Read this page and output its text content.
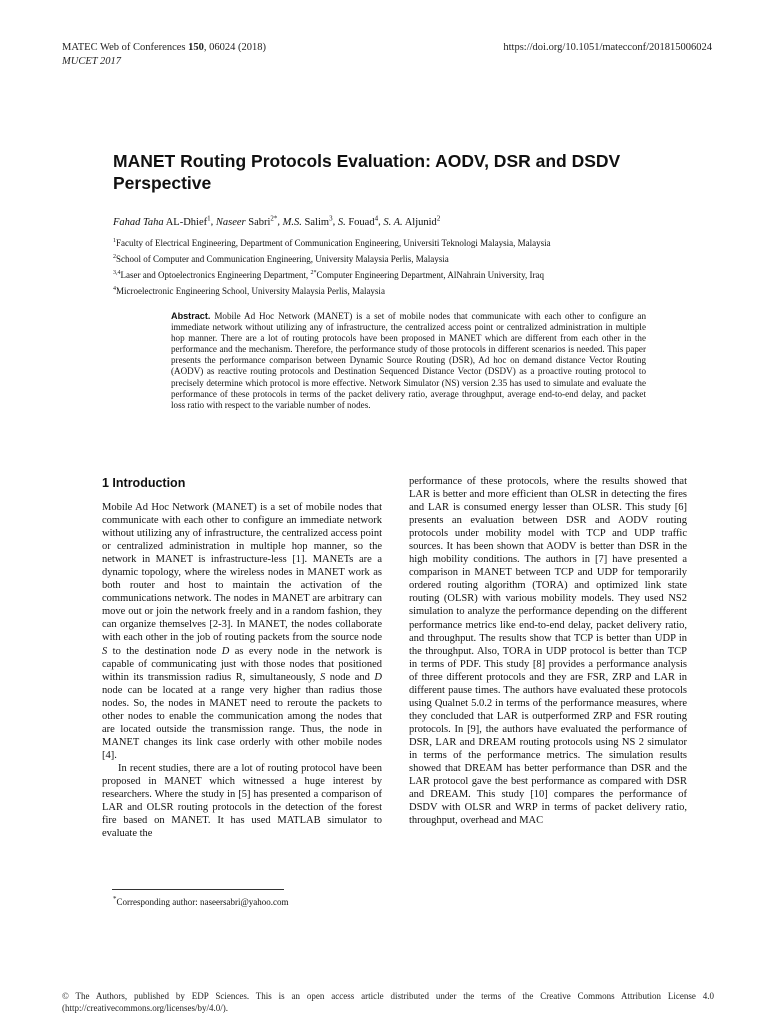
MATEC Web of Conferences 150, 06024 (2018)
MUCET 2017
https://doi.org/10.1051/matecconf/201815006024
MANET Routing Protocols Evaluation: AODV, DSR and DSDV Perspective
Fahad Taha AL-Dhief$^1$, Naseer Sabri$^{2*}$, M.S. Salim$^3$, S. Fouad$^4$, S. A. Aljunid$^2$
$^1$Faculty of Electrical Engineering, Department of Communication Engineering, Universiti Teknologi Malaysia, Malaysia
$^2$School of Computer and Communication Engineering, University Malaysia Perlis, Malaysia
$^{3,4}$Laser and Optoelectronics Engineering Department, $^{2*}$Computer Engineering Department, AlNahrain University, Iraq
$^4$Microelectronic Engineering School, University Malaysia Perlis, Malaysia
Abstract. Mobile Ad Hoc Network (MANET) is a set of mobile nodes that communicate with each other to configure an immediate network without utilizing any of infrastructure, the centralized access point or centralized administration in multiple hop manner. There are a lot of routing protocols have been proposed in MANET which are different from each other in the performance and the mechanism. Therefore, the performance study of those protocols in different scenarios is needed. This paper presents the performance comparison between Dynamic Source Routing (DSR), Ad hoc on demand distance Vector Routing (AODV) as reactive routing protocols and Destination Sequenced Distance Vector (DSDV) as a proactive routing protocol to precisely determine which protocol is more effective. Network Simulator (NS) version 2.35 has used to simulate and evaluate the performance of these protocols in terms of the packet delivery ratio, average throughput, average end-to-end delay, and packet loss ratio with respect to the variable number of nodes.
1 Introduction

Mobile Ad Hoc Network (MANET) is a set of mobile nodes that communicate with each other to configure an immediate network without utilizing any of infrastructure, the centralized access point or centralized administration in multiple hop manner, so the network in MANET is infrastructure-less [1]. MANETs are a dynamic topology, where the wireless nodes in MANET work as both router and host to maintain the activation of the communications network. The nodes in MANET are arbitrary can move out or join the network freely and in a random fashion, they can organize themselves [2-3]. In MANET, the nodes collaborate with each other in the job of routing packets from the source node S to the destination node D as every node in the network is capable of communicating just with those nodes that positioned within its transmission radius R, simultaneously, S node and D node can be located at a range very higher than radius those nodes. So, the nodes in MANET need to reroute the packets to other nodes to enable the communication among the nodes that are located outside the transmission range. Thus, the node in MANET changes its link case orderly with other mobile nodes [4].

In recent studies, there are a lot of routing protocol have been proposed in MANET which witnessed a huge interest by researchers. Where the study in [5] has presented a comparison of LAR and OLSR routing protocols in the detection of the forest fire based on MANET. It has used MATLAB simulator to evaluate the

performance of these protocols, where the results showed that LAR is better and more efficient than OLSR in detecting the fires and LAR is consumed energy lesser than OLSR. This study [6] presents an evaluation between DSR and AODV routing protocols under mobility model with TCP and UDP traffic sources. It has been shown that AODV is better than DSR in the high mobility conditions. The authors in [7] have presented a comparison in MANET between TCP and UDP for temporarily ordered routing algorithm (TORA) and optimized link state routing (OLSR) with various mobility models. They used NS2 simulation to analyze the performance depending on the different performance metrics like end-to-end delay, packet delivery ratio, and throughput. The results show that TCP is better than UDP in the throughput. Also, TORA in UDP protocol is better than TCP in terms of PDF. This study [8] provides a performance analysis of three different protocols and they are FSR, ZRP and LAR in different pause times. The authors have evaluated these protocols using Qualnet 5.0.2 in terms of the performance measures, where they concluded that LAR is outperformed ZRP and FSR routing protocols. In [9], the authors have evaluated the performance of DSR, LAR and DREAM routing protocols using NS 2 simulator in terms of the performance metrics. The simulation results showed that DREAM has better performance than DSR and the LAR protocol gave the best performance as compared with DSR and DREAM. This study [10] compares the performance of DSDV with OLSR and WRP in terms of packet delivery ratio, throughput, overhead and MAC

*Corresponding author: naseersabri@yahoo.com
© The Authors, published by EDP Sciences. This is an open access article distributed under the terms of the Creative Commons Attribution License 4.0 (http://creativecommons.org/licenses/by/4.0/).
